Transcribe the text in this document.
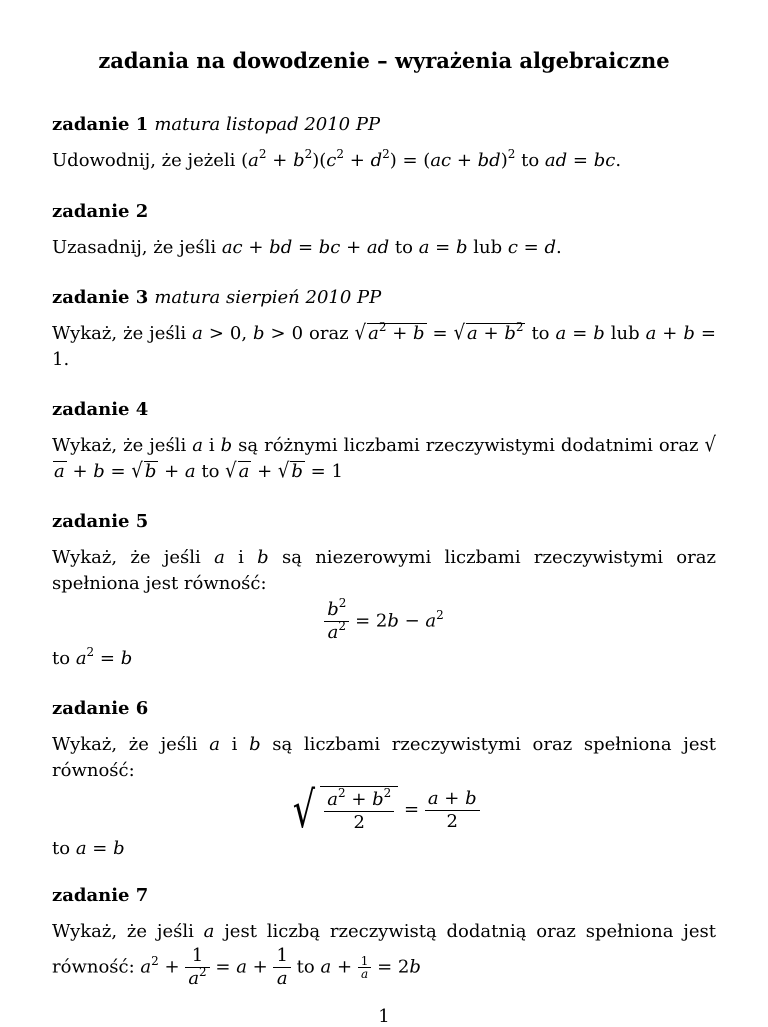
zadania na dowodzenie – wyrażenia algebraiczne
zadanie 1 matura listopad 2010 PP
Udowodnij, że jeżeli $(a^2 + b^2)(c^2 + d^2) = (ac + bd)^2$ to ad = bc.
zadanie 2
Uzasadnij, że jeśli ac + bd = bc + ad to a = b lub c = d.
zadanie 3 matura sierpień 2010 PP
Wykaż, że jeśli a > 0, b > 0 oraz √ $a^2 + b$ = √ $a + b^2$ to a = b lub a + b = 1.
zadanie 4
Wykaż, że jeśli a i b są różnymi liczbami rzeczywistymi dodatnimi oraz √a + b = √ b + a to √ a + √ b = 1
zadanie 5
Wykaż, że jeśli a i b są niezerowymi liczbami rzeczywistymi oraz spełniona jest równość:
$\frac{b^2}{a^2} = 2b - a^2$
to $a^2 = b$
zadanie 6
Wykaż, że jeśli a i b są liczbami rzeczywistymi oraz spełniona jest równość:
√ $\frac{a^2 + b^2}{2} = \frac{a + b}{2}$
to a = b
zadanie 7
Wykaż, że jeśli a jest liczbą rzeczywistą dodatnią oraz spełniona jest równość: $a^2 + \frac{1}{a^2} = a + \frac{1}{a}$ to $a + \frac{1}{a} = 2b$
1
